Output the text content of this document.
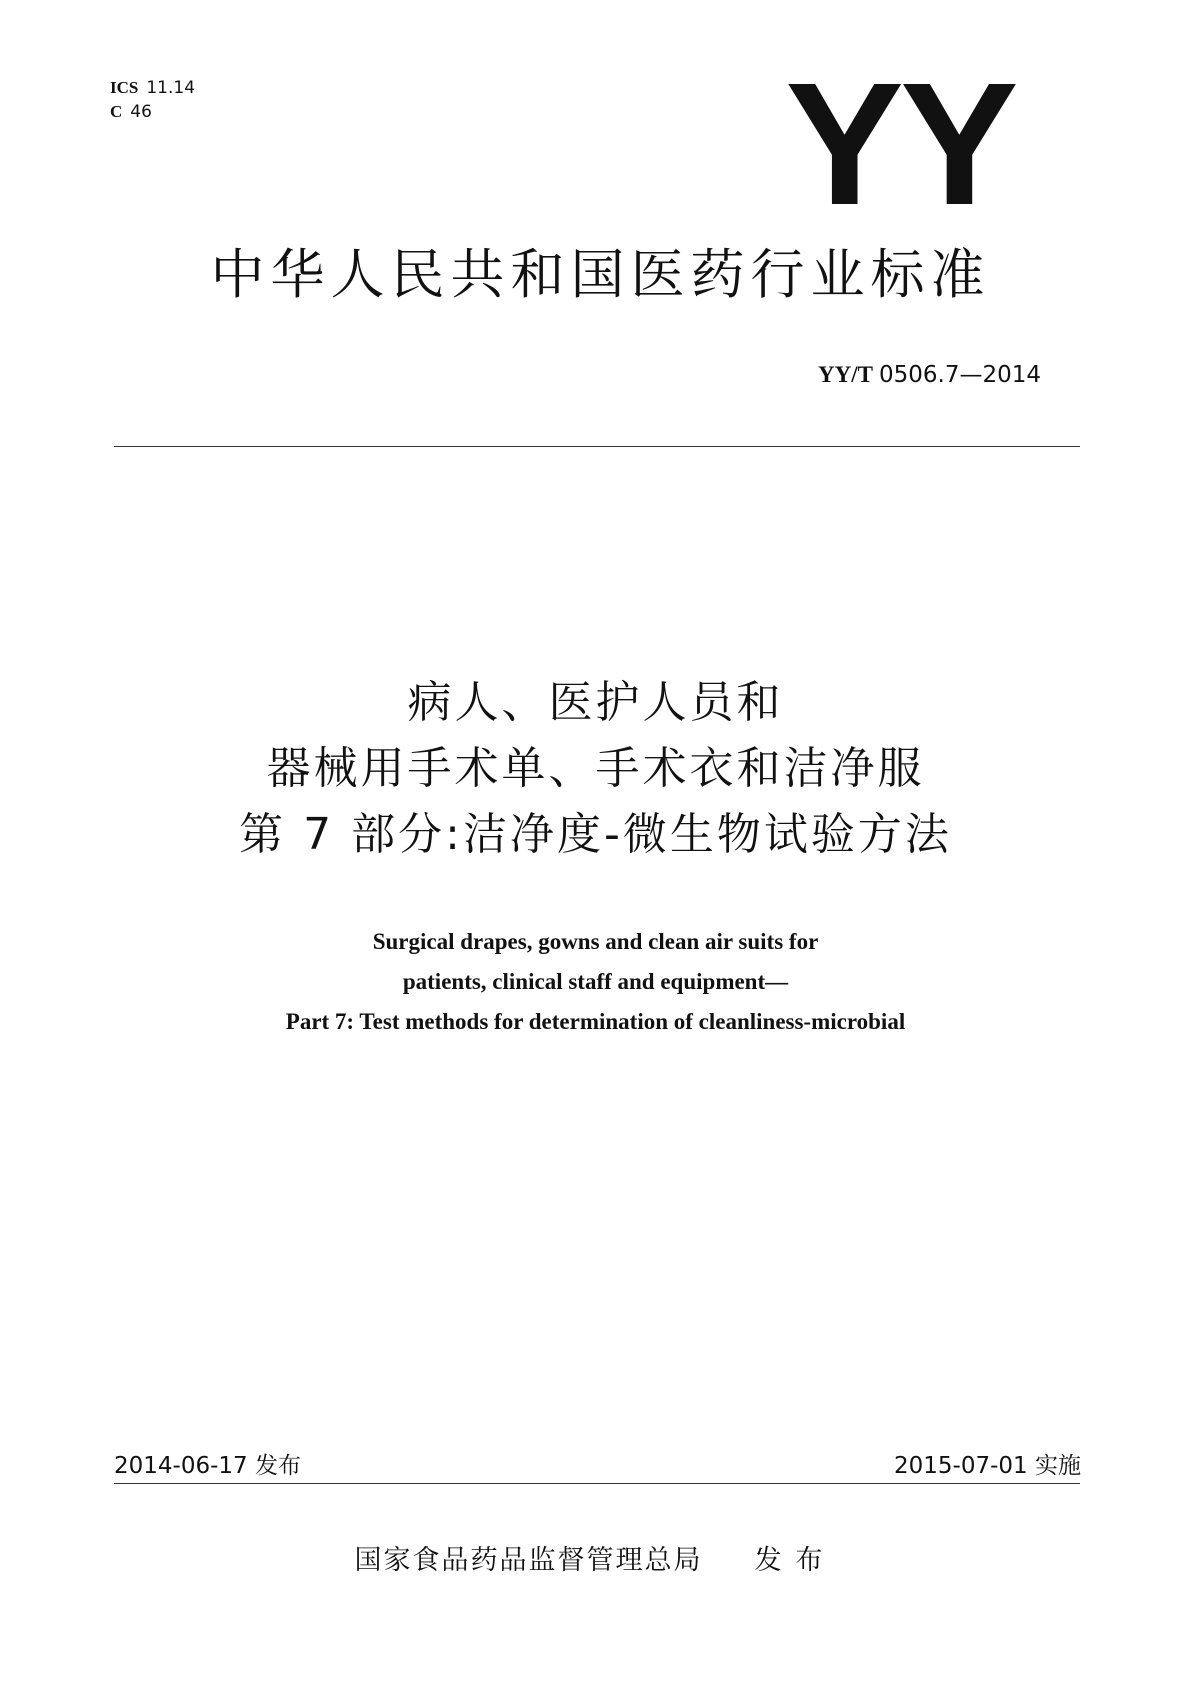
ICS 11.14
C 46	YY
中华人民共和国医药行业标准
YY/T 0506.7—2014
病人、医护人员和
器械用手术单、手术衣和洁净服
第 7 部分:洁净度-微生物试验方法
Surgical drapes, gowns and clean air suits for
patients, clinical staff and equipment—
Part 7: Test methods for determination of cleanliness-microbial
2014-06-17 发布	2015-07-01 实施
国家食品药品监督管理总局 发布
